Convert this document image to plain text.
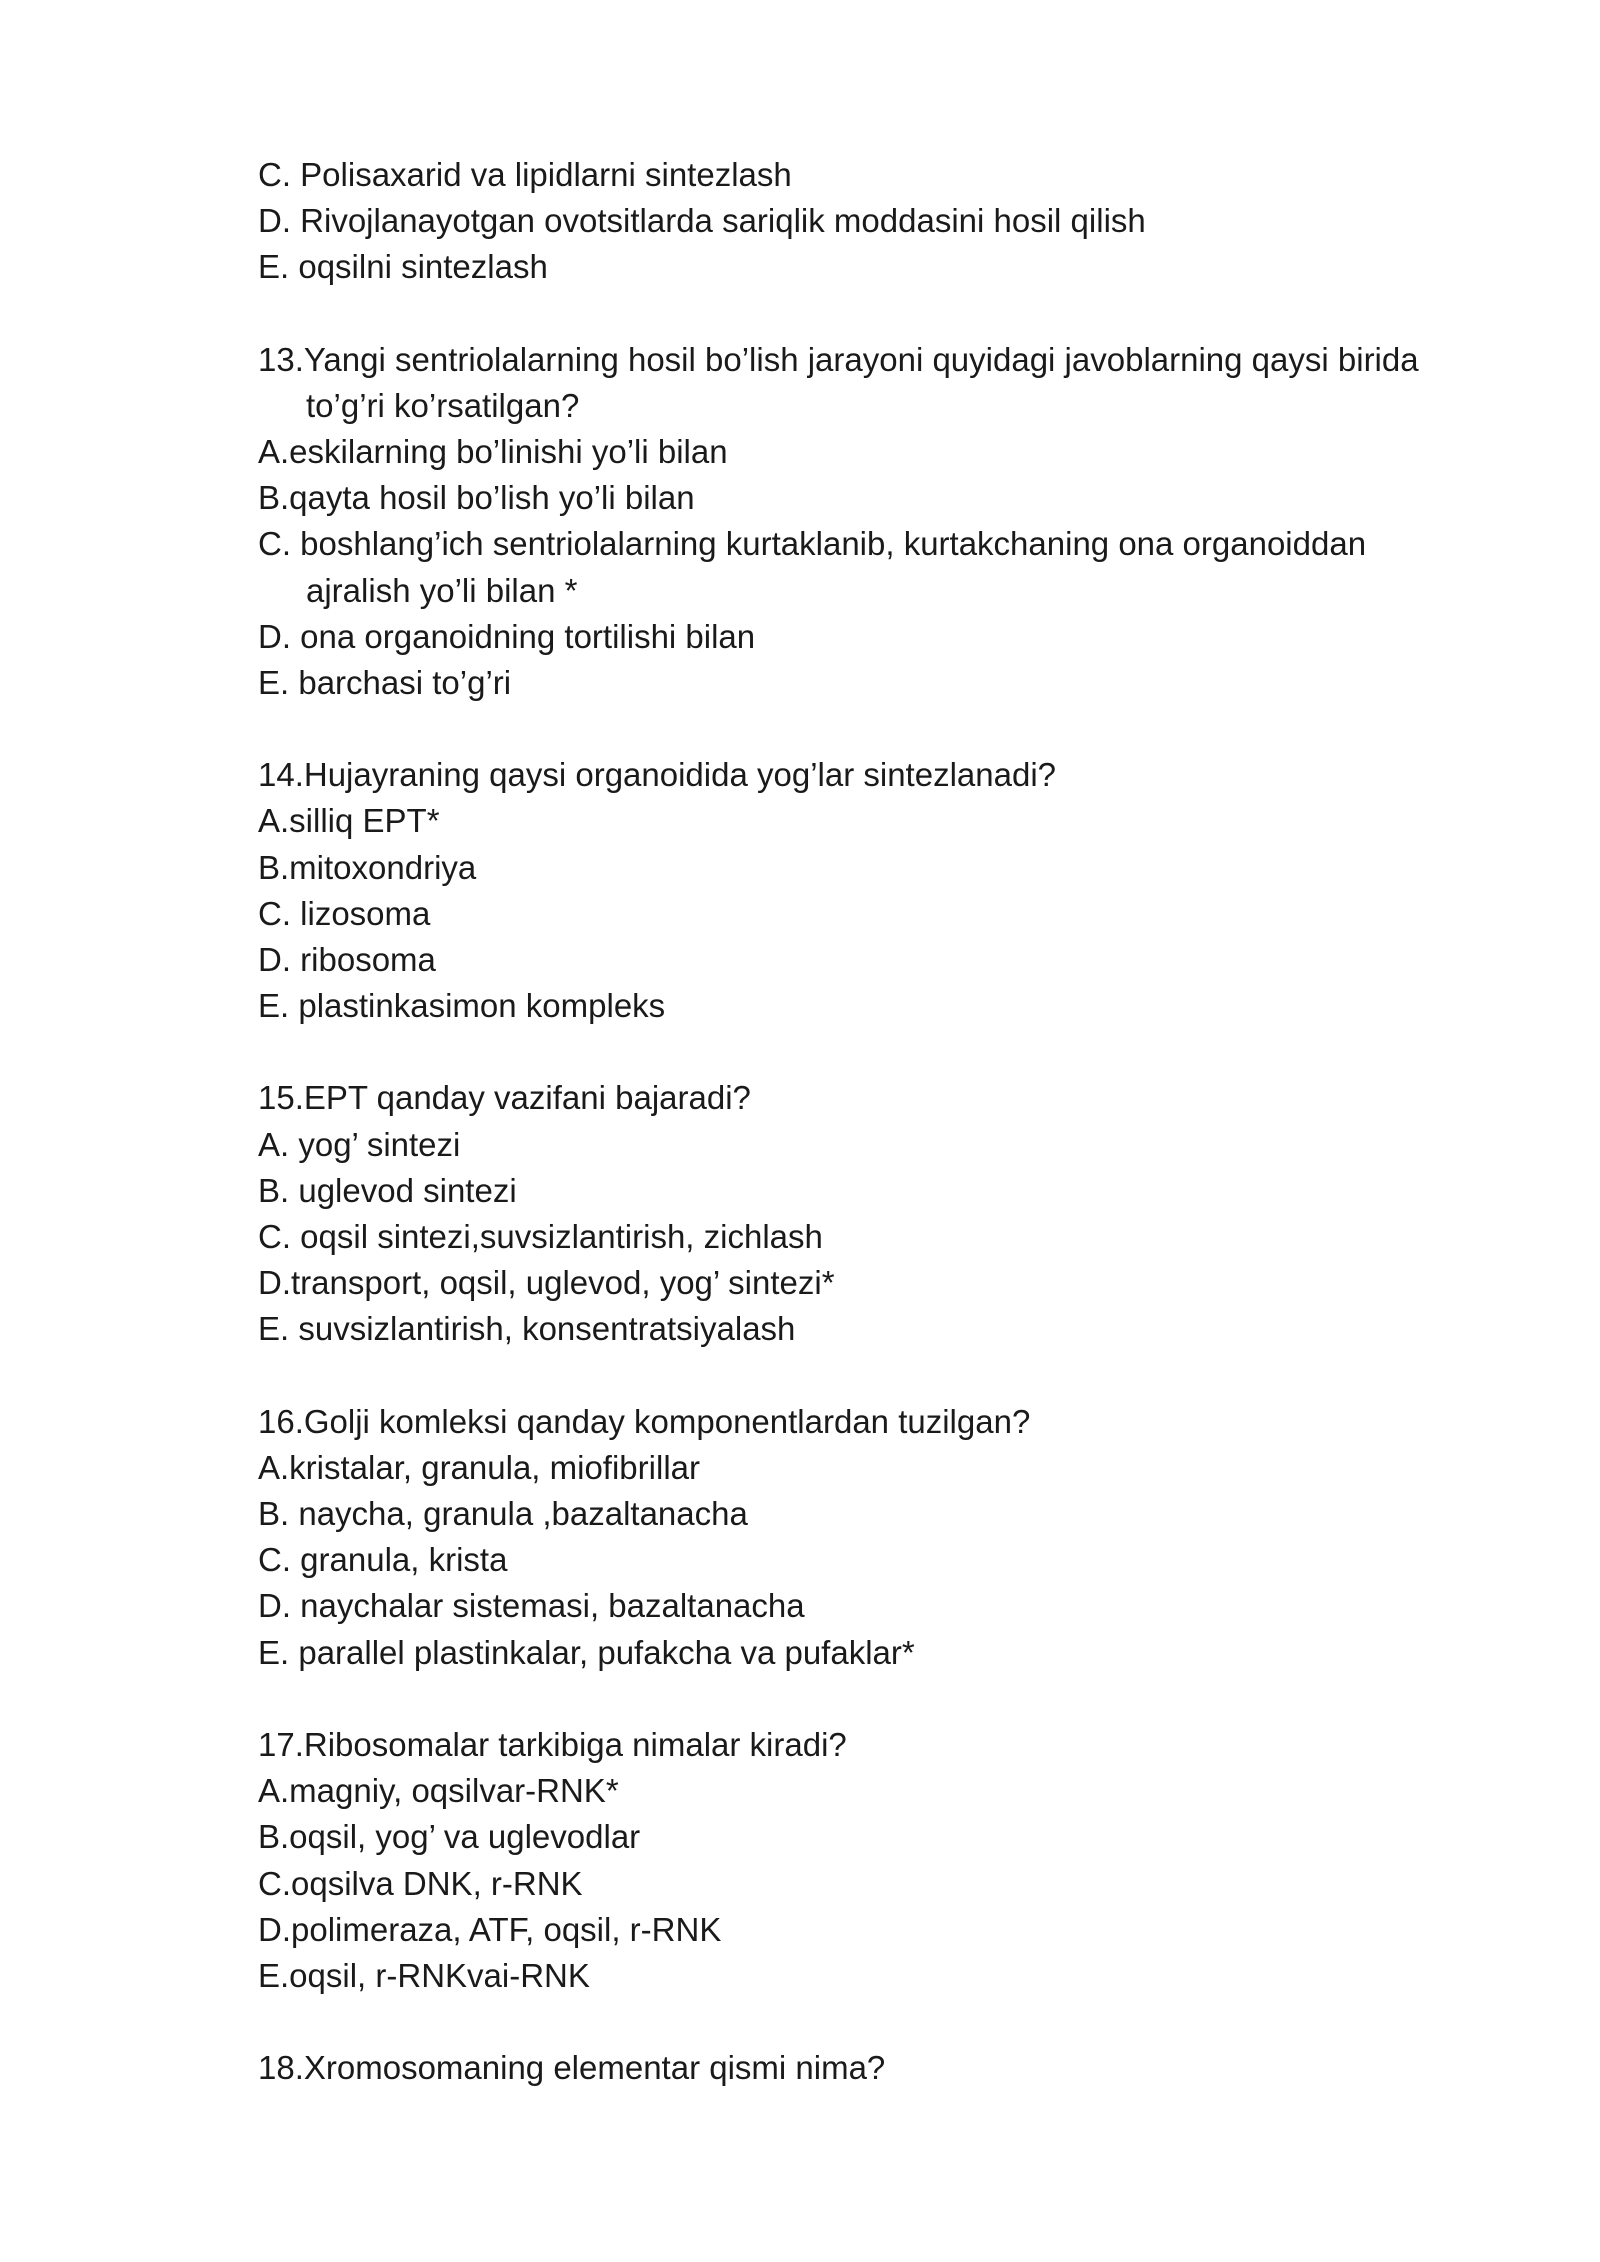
C. Polisaxarid va lipidlarni sintezlash
D. Rivojlanayotgan ovotsitlarda sariqlik moddasini hosil qilish
E. oqsilni sintezlash
13.Yangi sentriolalarning hosil bo’lish jarayoni quyidagi javoblarning qaysi birida
to’g’ri ko’rsatilgan?
A.eskilarning bo’linishi yo’li bilan
B.qayta hosil bo’lish yo’li bilan
C. boshlang’ich sentriolalarning kurtaklanib, kurtakchaning ona organoiddan
ajralish yo’li bilan *
D. ona organoidning tortilishi bilan
E. barchasi to’g’ri
14.Hujayraning qaysi organoidida yog’lar sintezlanadi?
A.silliq EPT*
B.mitoxondriya
C. lizosoma
D. ribosoma
E. plastinkasimon kompleks
15.EPT qanday vazifani bajaradi?
A. yog’ sintezi
B. uglevod sintezi
C. oqsil sintezi,suvsizlantirish, zichlash
D.transport, oqsil, uglevod, yog’ sintezi*
E. suvsizlantirish, konsentratsiyalash
16.Golji komleksi qanday komponentlardan tuzilgan?
A.kristalar, granula, miofibrillar
B. naycha, granula ,bazaltanacha
C. granula, krista
D. naychalar sistemasi, bazaltanacha
E. parallel plastinkalar, pufakcha va pufaklar*
17.Ribosomalar tarkibiga nimalar kiradi?
A.magniy, oqsilvar-RNK*
B.oqsil, yog’ va uglevodlar
C.oqsilva DNK, r-RNK
D.polimeraza, ATF, oqsil, r-RNK
E.oqsil, r-RNKvai-RNK
18.Xromosomaning elementar qismi nima?
